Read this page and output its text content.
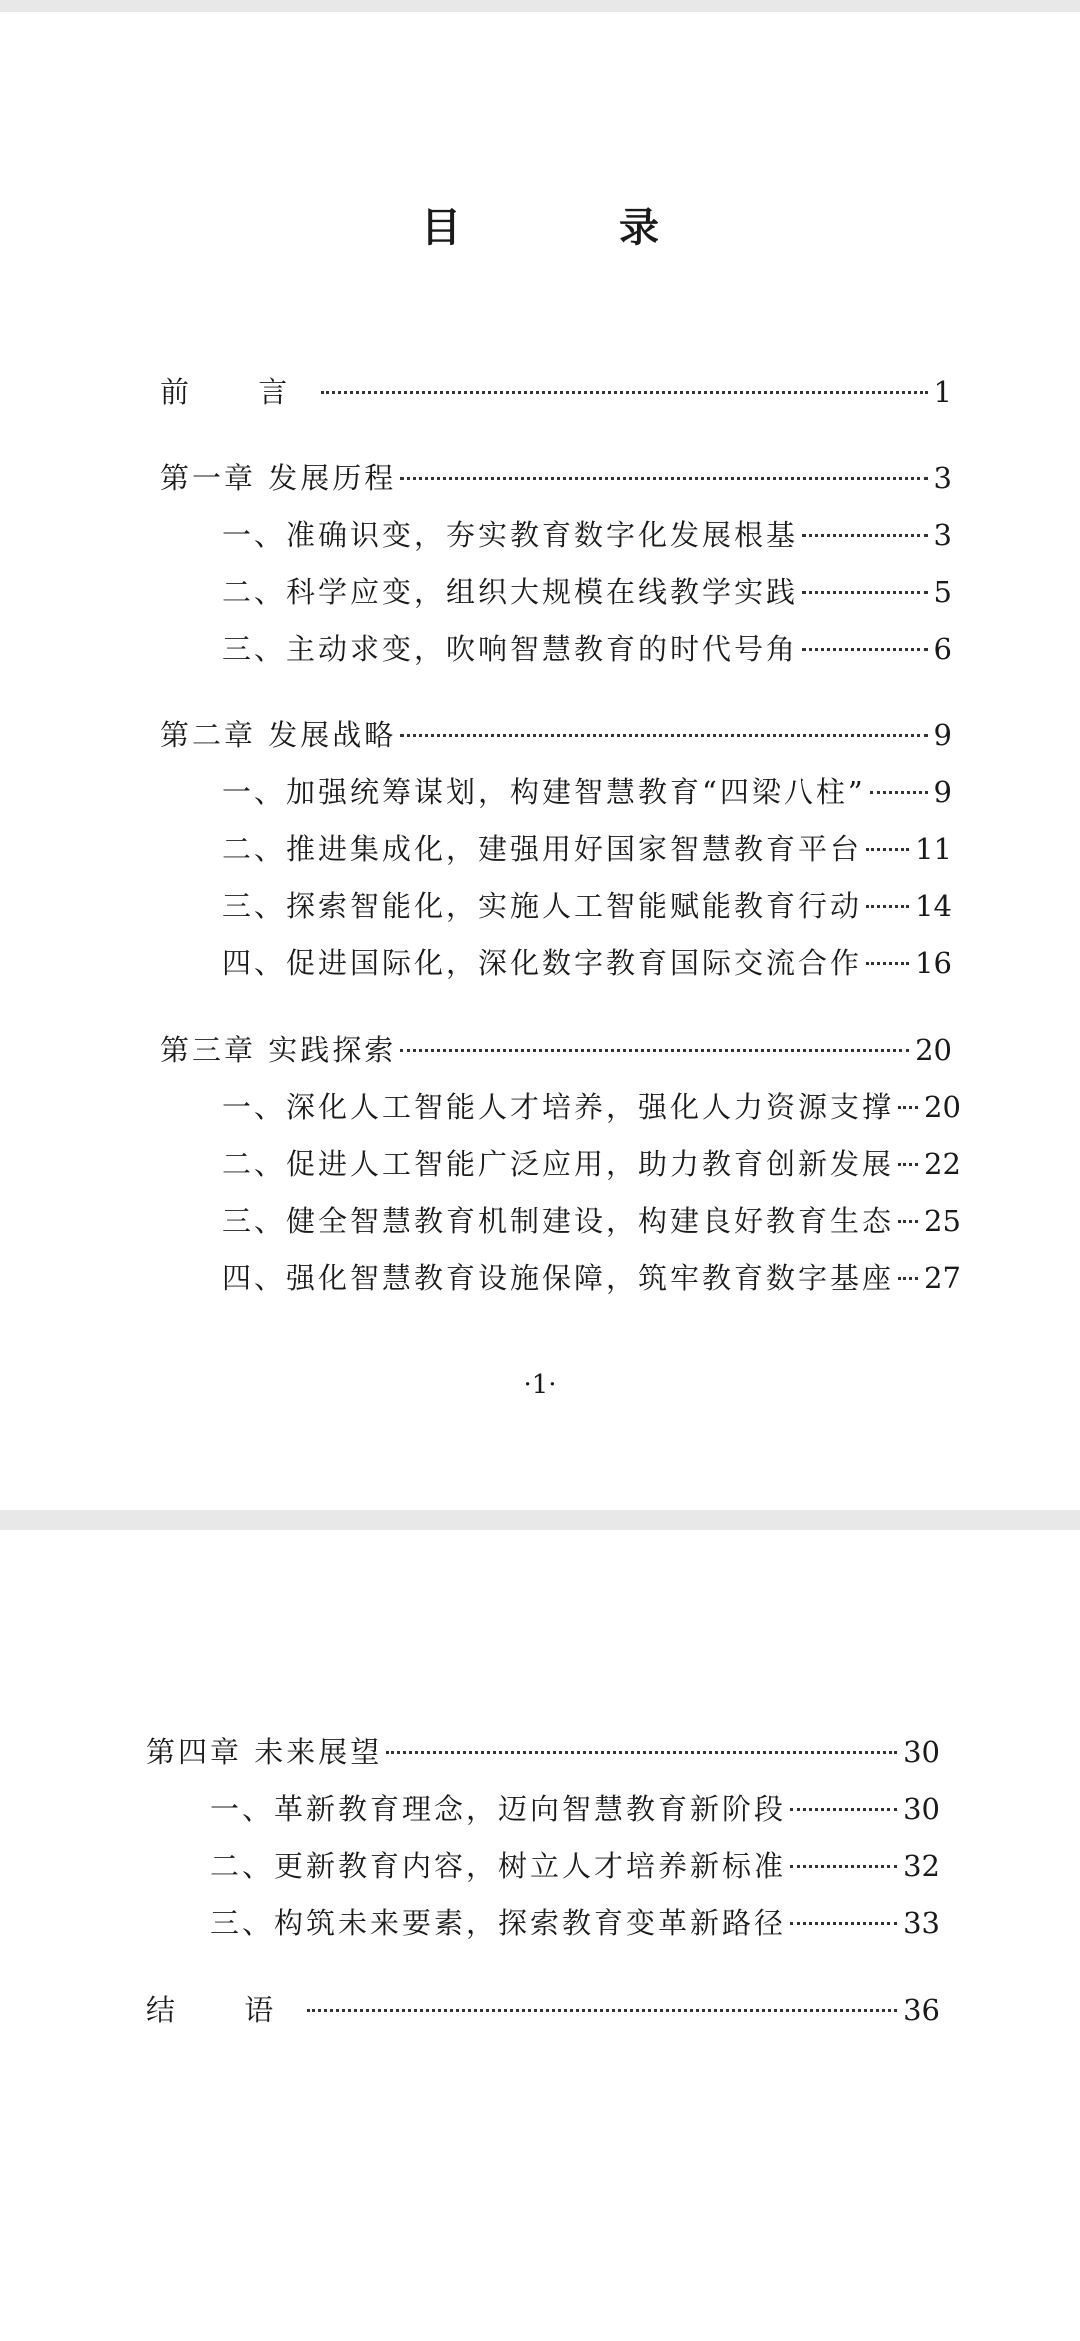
目 录
前 言	1
第一章 发展历程	3
一、准确识变，夯实教育数字化发展根基	3
二、科学应变，组织大规模在线教学实践	5
三、主动求变，吹响智慧教育的时代号角	6
第二章 发展战略	9
一、加强统筹谋划，构建智慧教育“四梁八柱” 9
二、推进集成化，建强用好国家智慧教育平台 11
三、探索智能化，实施人工智能赋能教育行动 14
四、促进国际化，深化数字教育国际交流合作 16
第三章 实践探索	20
一、深化人工智能人才培养，强化人力资源支撑 20
二、促进人工智能广泛应用，助力教育创新发展 22
三、健全智慧教育机制建设，构建良好教育生态 25
四、强化智慧教育设施保障，筑牢教育数字基座 27
·1·
第四章 未来展望	30
一、革新教育理念，迈向智慧教育新阶段	30
二、更新教育内容，树立人才培养新标准	32
三、构筑未来要素，探索教育变革新路径	33
结 语	36
